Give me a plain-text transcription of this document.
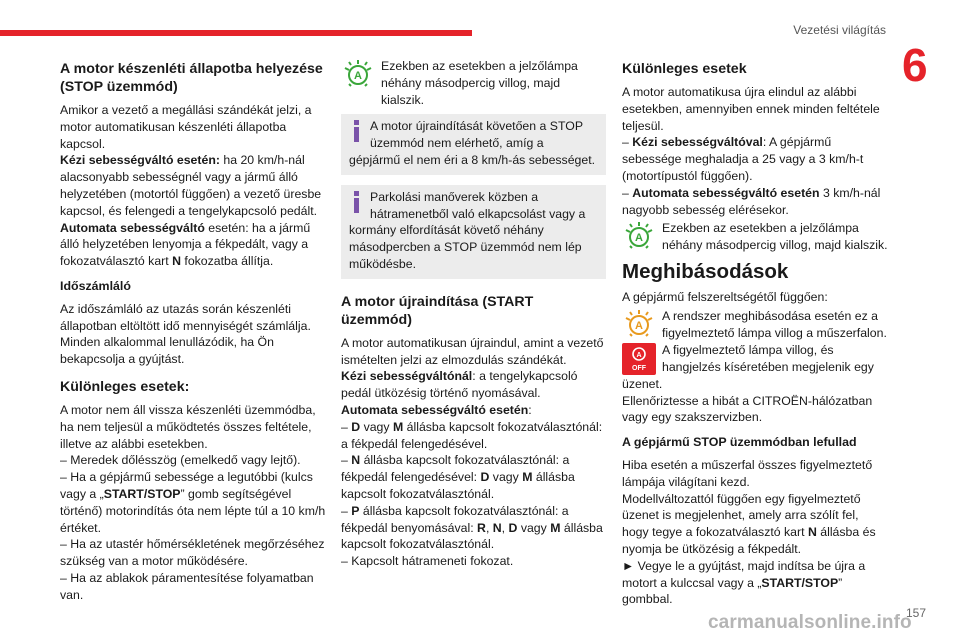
Vezetési világítás
6
A motor készenléti állapotba helyezése (STOP üzemmód)

Amikor a vezető a megállási szándékát jelzi, a motor automatikusan készenléti állapotba kapcsol.
Kézi sebességváltó esetén: ha 20 km/h-nál alacsonyabb sebességnél vagy a jármű álló helyzetében (motortól függően) a vezető üresbe kapcsol, és felengedi a tengelykapcsoló pedált.
Automata sebességváltó esetén: ha a jármű álló helyzetében lenyomja a fékpedált, vagy a fokozatválasztó kart N fokozatba állítja.

Időszámláló

Az időszámláló az utazás során készenléti állapotban eltöltött idő mennyiségét számlálja. Minden alkalommal lenullázódik, ha Ön bekapcsolja a gyújtást.

Különleges esetek:

A motor nem áll vissza készenléti üzemmódba, ha nem teljesül a működtetés összes feltétele, illetve az alábbi esetekben.
– Meredek dőlésszög (emelkedő vagy lejtő).
– Ha a gépjármű sebessége a legutóbbi (kulcs vagy a „START/STOP” gomb segítségével történő) motorindítás óta nem lépte túl a 10 km/h értéket.
– Ha az utastér hőmérsékletének megőrzéséhez szükség van a motor működésére.
– Ha az ablakok páramentesítése folyamatban van.

A
Ezekben az esetekben a jelzőlámpa néhány másodpercig villog, majd kialszik.
A motor újraindítását követően a STOP üzemmód nem elérhető, amíg a gépjármű el nem éri a 8 km/h-ás sebességet.
Parkolási manőverek közben a hátramenetből való elkapcsolást vagy a kormány elfordítását követő néhány másodpercben a STOP üzemmód nem lép működésbe.
A motor újraindítása (START üzemmód)

A motor automatikusan újraindul, amint a vezető ismételten jelzi az elmozdulás szándékát.
Kézi sebességváltónál: a tengelykapcsoló pedál ütközésig történő nyomásával.
Automata sebességváltó esetén:
– D vagy M állásba kapcsolt fokozatválasztónál: a fékpedál felengedésével.
– N állásba kapcsolt fokozatválasztónál: a fékpedál felengedésével: D vagy M állásba kapcsolt fokozatválasztónál.
– P állásba kapcsolt fokozatválasztónál: a fékpedál benyomásával: R, N, D vagy M állásba kapcsolt fokozatválasztónál.
– Kapcsolt hátrameneti fokozat.

Különleges esetek

A motor automatikusa újra elindul az alábbi esetekben, amennyiben ennek minden feltétele teljesül.
– Kézi sebességváltóval: A gépjármű sebessége meghaladja a 25 vagy a 3 km/h-t (motortípustól függően).
– Automata sebességváltó esetén 3 km/h-nál nagyobb sebesség elérésekor.

A
Ezekben az esetekben a jelzőlámpa néhány másodpercig villog, majd kialszik.
Meghibásodások

A gépjármű felszereltségétől függően:

A
A rendszer meghibásodása esetén ez a figyelmeztető lámpa villog a műszerfalon.
A
OFF
A figyelmeztető lámpa villog, és hangjelzés kíséretében megjelenik egy üzenet.

Ellenőriztesse a hibát a CITROËN-hálózatban vagy egy szakszervizben.

A gépjármű STOP üzemmódban lefullad

Hiba esetén a műszerfal összes figyelmeztető lámpája világítani kezd.
Modellváltozattól függően egy figyelmeztető üzenet is megjelenhet, amely arra szólít fel, hogy tegye a fokozatválasztó kart N állásba és nyomja be ütközésig a fékpedált.
► Vegye le a gyújtást, majd indítsa be újra a motort a kulccsal vagy a „START/STOP” gombbal.

carmanualsonline.info
157
